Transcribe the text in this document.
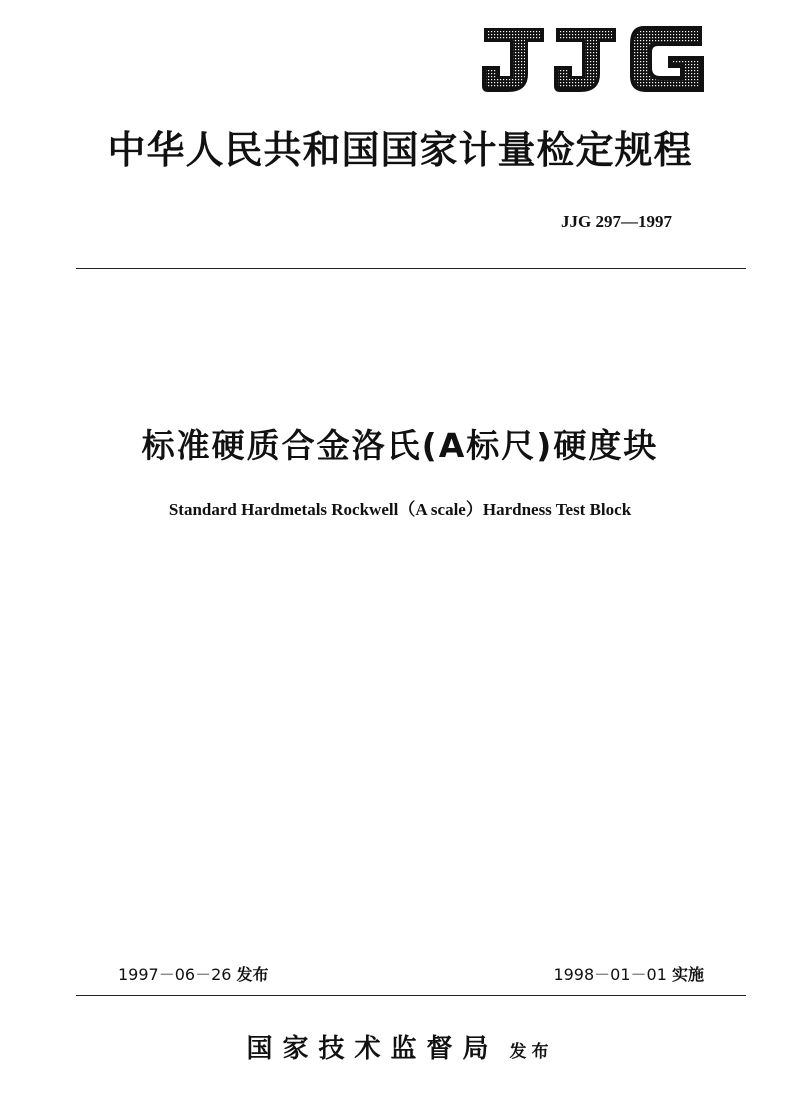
中华人民共和国国家计量检定规程
JJG 297—1997
标准硬质合金洛氏(A标尺)硬度块
Standard Hardmetals Rockwell（A scale）Hardness Test Block
1997－06－26 发布	1998－01－01 实施
国家技术监督局 发布
